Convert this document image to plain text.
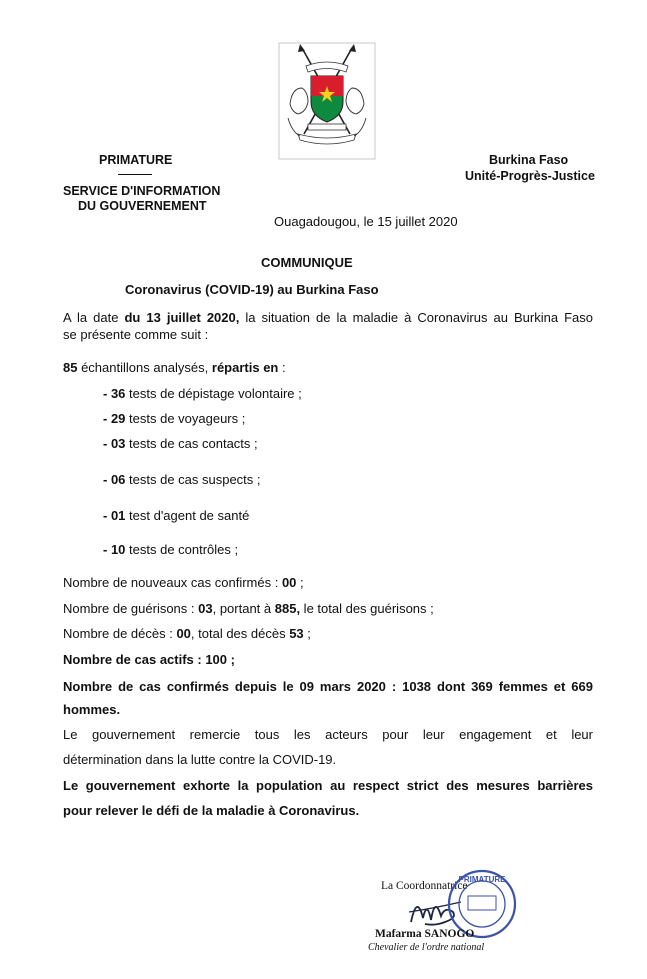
PRIMATURE
SERVICE D'INFORMATION
DU GOUVERNEMENT
Burkina Faso
Unité-Progrès-Justice
Ouagadougou, le 15 juillet 2020
COMMUNIQUE
Coronavirus (COVID-19) au Burkina Faso
A la date du 13 juillet 2020, la situation de la maladie à Coronavirus au Burkina Faso
se présente comme suit :
85 échantillons analysés, répartis en :
- 36 tests de dépistage volontaire ;
- 29 tests de voyageurs ;
- 03 tests de cas contacts ;
- 06 tests de cas suspects ;
- 01 test d'agent de santé
- 10 tests de contrôles ;
Nombre de nouveaux cas confirmés : 00 ;
Nombre de guérisons : 03, portant à 885, le total des guérisons ;
Nombre de décès : 00, total des décès 53 ;
Nombre de cas actifs : 100 ;
Nombre de cas confirmés depuis le 09 mars 2020 : 1038 dont 369 femmes et 669
hommes.
Le gouvernement remercie tous les acteurs pour leur engagement et leur
détermination dans la lutte contre la COVID-19.
Le gouvernement exhorte la population au respect strict des mesures barrières
pour relever le défi de la maladie à Coronavirus.
La Coordonnatrice
PRIMATURE
Mafarma SANOGO
Chevalier de l'ordre national
